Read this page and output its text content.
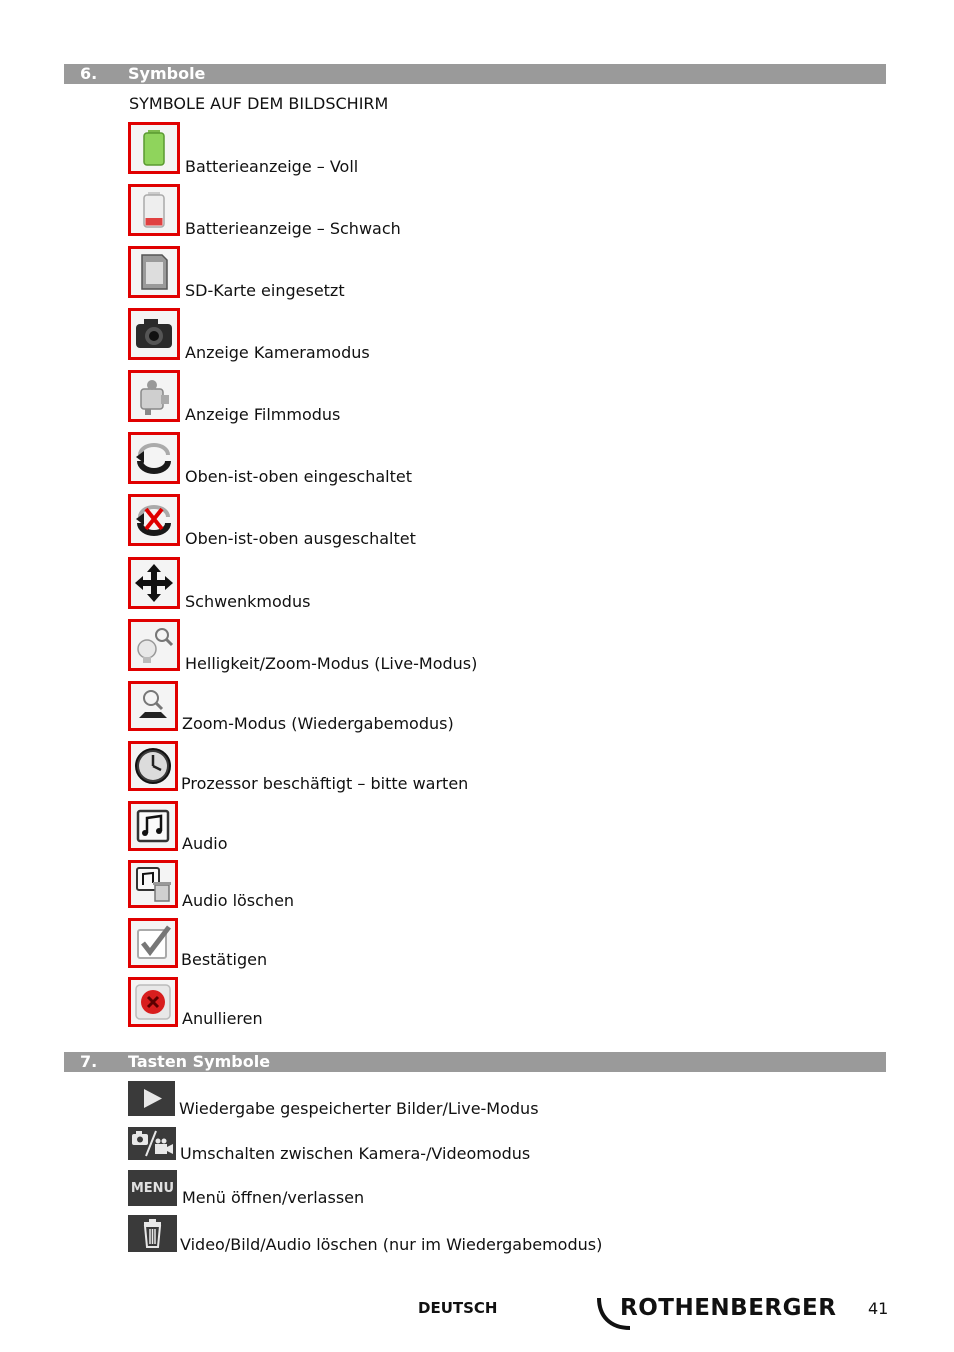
6. Symbole
SYMBOLE AUF DEM BILDSCHIRM
Batterieanzeige – Voll
Batterieanzeige – Schwach
SD-Karte eingesetzt
Anzeige Kameramodus
Anzeige Filmmodus
Oben-ist-oben eingeschaltet
Oben-ist-oben ausgeschaltet
Schwenkmodus
Helligkeit/Zoom-Modus (Live-Modus)
Zoom-Modus (Wiedergabemodus)
Prozessor beschäftigt – bitte warten
Audio
Audio löschen
Bestätigen
Anullieren
7. Tasten Symbole
Wiedergabe gespeicherter Bilder/Live-Modus
Umschalten zwischen Kamera-/Videomodus
MENU Menü öffnen/verlassen
Video/Bild/Audio löschen (nur im Wiedergabemodus)
DEUTSCH	ROTHENBERGER 41
